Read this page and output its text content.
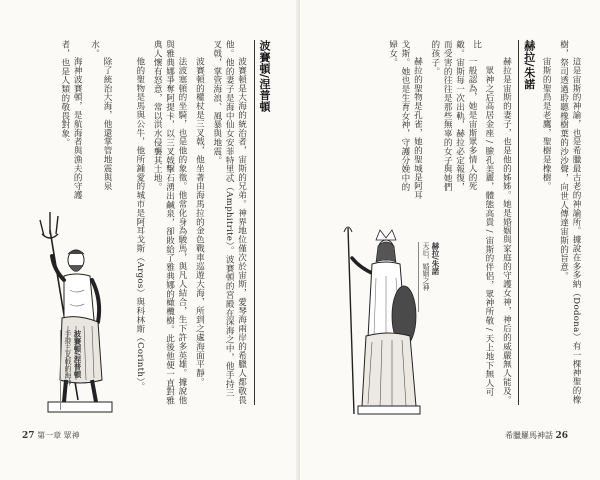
波賽頓/涅普頓
手持三叉戟的海神

波賽頓/涅普頓

波賽頓是大海的統治者，宙斯的兄弟。神界地位僅次於宙斯，愛琴海兩岸的希臘人都敬畏他。他的妻子是海中仙女安菲特里忒（Amphitrite）。波賽頓的宮殿在深海之中，他手持三叉戟，掌管海浪、風暴與地震。

波賽頓的權杖是三叉戟，他坐著由海馬拉的金色戰車巡遊大海，所到之處海面平靜。

法波塞頓的坐騎，也是他的象徵。他常化身為駿馬，與凡人結合，生下許多英雄。據說他與雅典娜爭奪阿提卡，以三叉戟擊石湧出鹹泉，卻敗給了雅典娜的橄欖樹。此後他便一直對雅典人懷有怒意，常以洪水侵襲其土地。

他的聖物是馬與公牛，他所鍾愛的城市是阿耳戈斯（Argos）與科林斯（Corinth）。

除了統治大海，他還掌管地震與泉水。

海神波賽頓，是航海者與漁夫的守護者，也是人類的敬畏對象。

27 第一章 眾神

這是宙斯的神諭，也是希臘最古老的神諭所。據說在多多納（Dodona）有一棵神聖的橡樹，祭司透過聆聽橡樹葉的沙沙聲，向世人傳達宙斯的旨意。

宙斯的聖鳥是老鷹，聖樹是橡樹。

赫拉/朱諾

赫拉是宙斯的妻子，也是他的姊姊。她是婚姻與家庭的守護女神，神后的威嚴無人能及。

眾神之后高居金座 / 臉孔美麗，體態高貴 / 宙斯的伴侶，眾神所敬 / 天上地下無人可比

一般認為，她是宙斯眾多情人的死敵。宙斯每一次出軌，赫拉必定報復，而受害的往往是那些無辜的女子與她們的孩子。

赫拉的聖物是孔雀，她的聖城是阿耳戈斯。她也是生育女神，守護分娩中的婦女。

赫拉/朱諾
天后，婚姻之神
希臘羅馬神話 26
